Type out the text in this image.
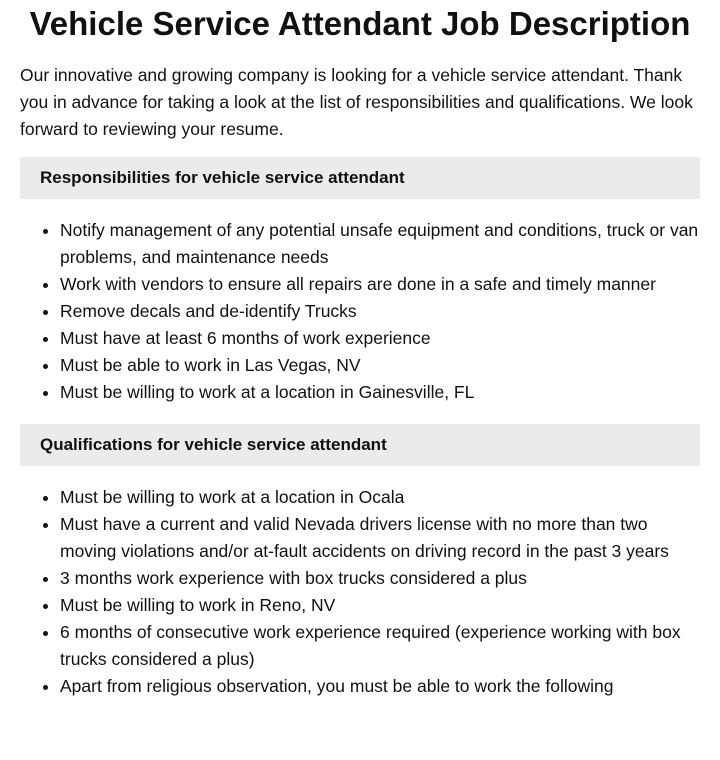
Vehicle Service Attendant Job Description

Our innovative and growing company is looking for a vehicle service attendant. Thank you in advance for taking a look at the list of responsibilities and qualifications. We look forward to reviewing your resume.

Responsibilities for vehicle service attendant
• Notify management of any potential unsafe equipment and conditions, truck or van problems, and maintenance needs
• Work with vendors to ensure all repairs are done in a safe and timely manner
• Remove decals and de-identify Trucks
• Must have at least 6 months of work experience
• Must be able to work in Las Vegas, NV
• Must be willing to work at a location in Gainesville, FL
Qualifications for vehicle service attendant
• Must be willing to work at a location in Ocala
• Must have a current and valid Nevada drivers license with no more than two moving violations and/or at-fault accidents on driving record in the past 3 years
• 3 months work experience with box trucks considered a plus
• Must be willing to work in Reno, NV
• 6 months of consecutive work experience required (experience working with box trucks considered a plus)
• Apart from religious observation, you must be able to work the following
